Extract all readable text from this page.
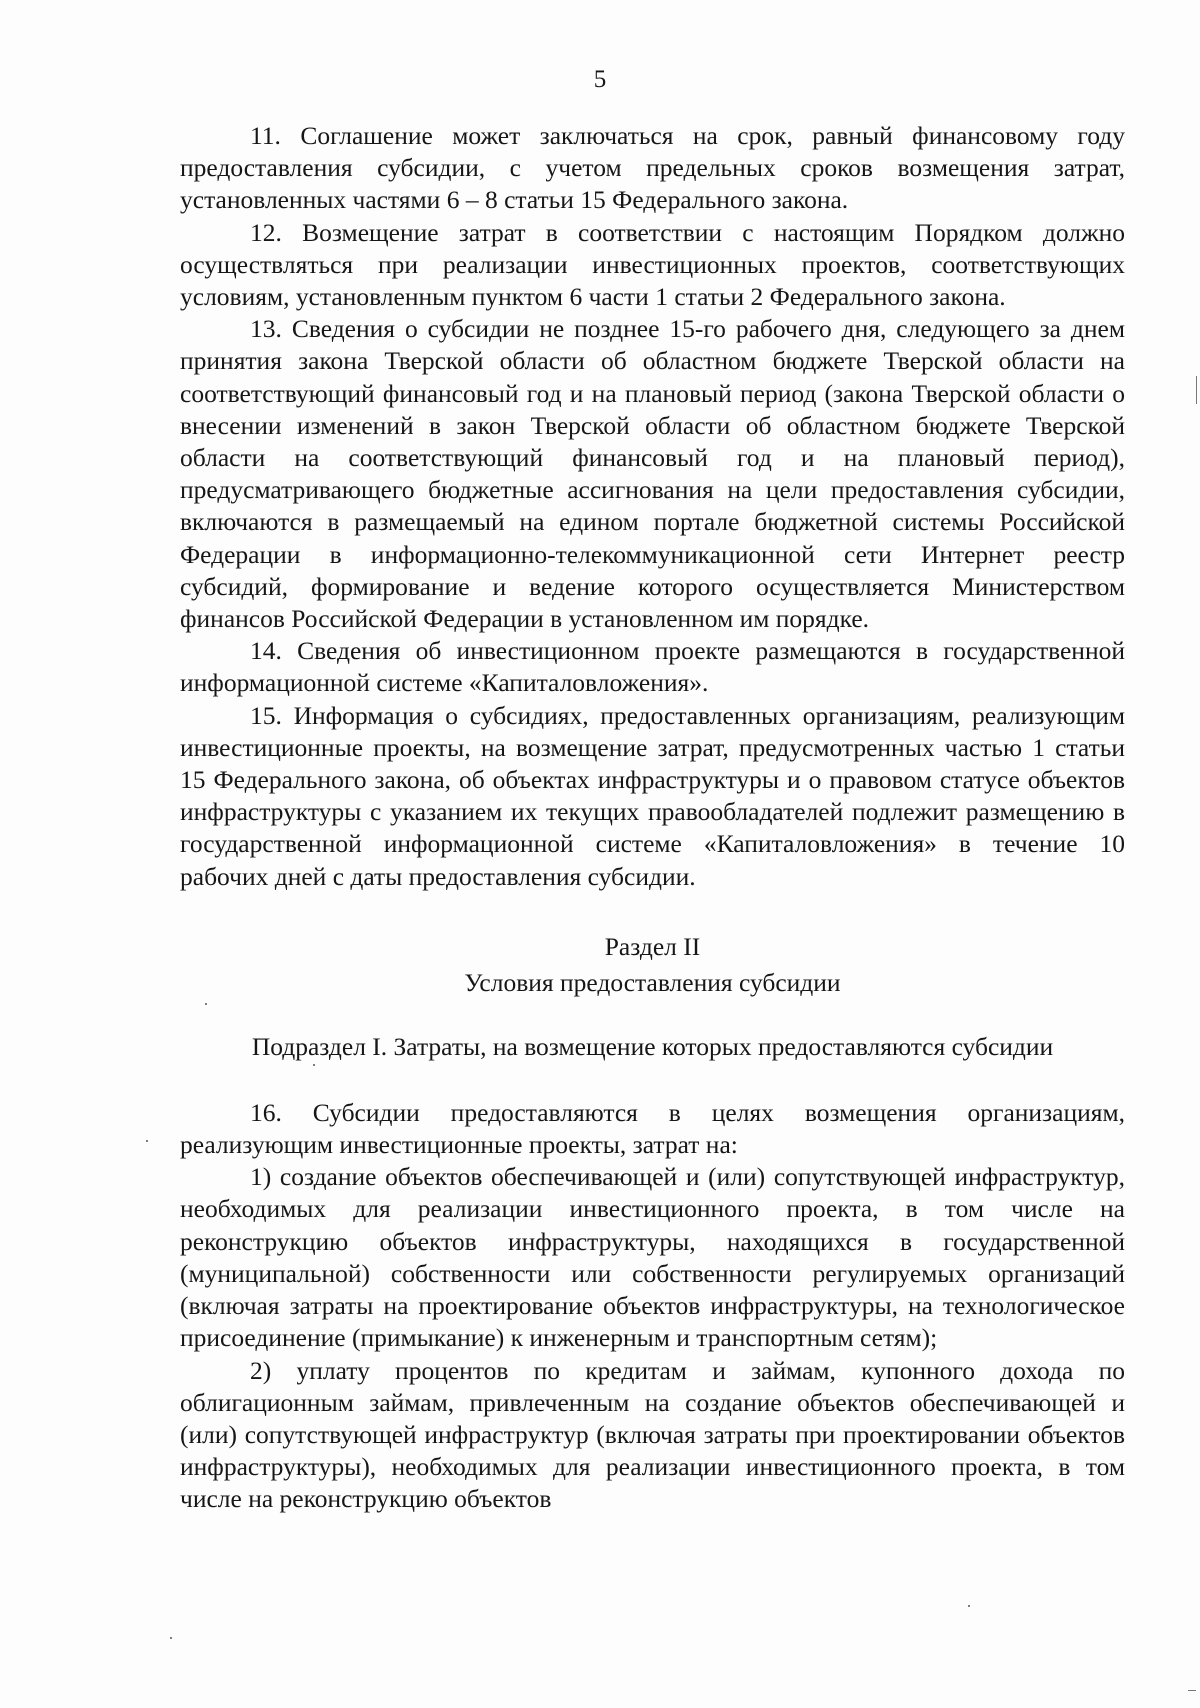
5

11. Соглашение может заключаться на срок, равный финансовому году предоставления субсидии, с учетом предельных сроков возмещения затрат, установленных частями 6 – 8 статьи 15 Федерального закона.

12. Возмещение затрат в соответствии с настоящим Порядком должно осуществляться при реализации инвестиционных проектов, соответствующих условиям, установленным пунктом 6 части 1 статьи 2 Федерального закона.

13. Сведения о субсидии не позднее 15-го рабочего дня, следующего за днем принятия закона Тверской области об областном бюджете Тверской области на соответствующий финансовый год и на плановый период (закона Тверской области о внесении изменений в закон Тверской области об областном бюджете Тверской области на соответствующий финансовый год и на плановый период), предусматривающего бюджетные ассигнования на цели предоставления субсидии, включаются в размещаемый на едином портале бюджетной системы Российской Федерации в информационно-телекоммуникационной сети Интернет реестр субсидий, формирование и ведение которого осуществляется Министерством финансов Российской Федерации в установленном им порядке.

14. Сведения об инвестиционном проекте размещаются в государственной информационной системе «Капиталовложения».

15. Информация о субсидиях, предоставленных организациям, реализующим инвестиционные проекты, на возмещение затрат, предусмотренных частью 1 статьи 15 Федерального закона, об объектах инфраструктуры и о правовом статусе объектов инфраструктуры с указанием их текущих правообладателей подлежит размещению в государственной информационной системе «Капиталовложения» в течение 10 рабочих дней с даты предоставления субсидии.

Раздел II

Условия предоставления субсидии

Подраздел I. Затраты, на возмещение которых предоставляются субсидии

16. Субсидии предоставляются в целях возмещения организациям, реализующим инвестиционные проекты, затрат на:

1) создание объектов обеспечивающей и (или) сопутствующей инфраструктур, необходимых для реализации инвестиционного проекта, в том числе на реконструкцию объектов инфраструктуры, находящихся в государственной (муниципальной) собственности или собственности регулируемых организаций (включая затраты на проектирование объектов инфраструктуры, на технологическое присоединение (примыкание) к инженерным и транспортным сетям);

2) уплату процентов по кредитам и займам, купонного дохода по облигационным займам, привлеченным на создание объектов обеспечивающей и (или) сопутствующей инфраструктур (включая затраты при проектировании объектов инфраструктуры), необходимых для реализации инвестиционного проекта, в том числе на реконструкцию объектов
